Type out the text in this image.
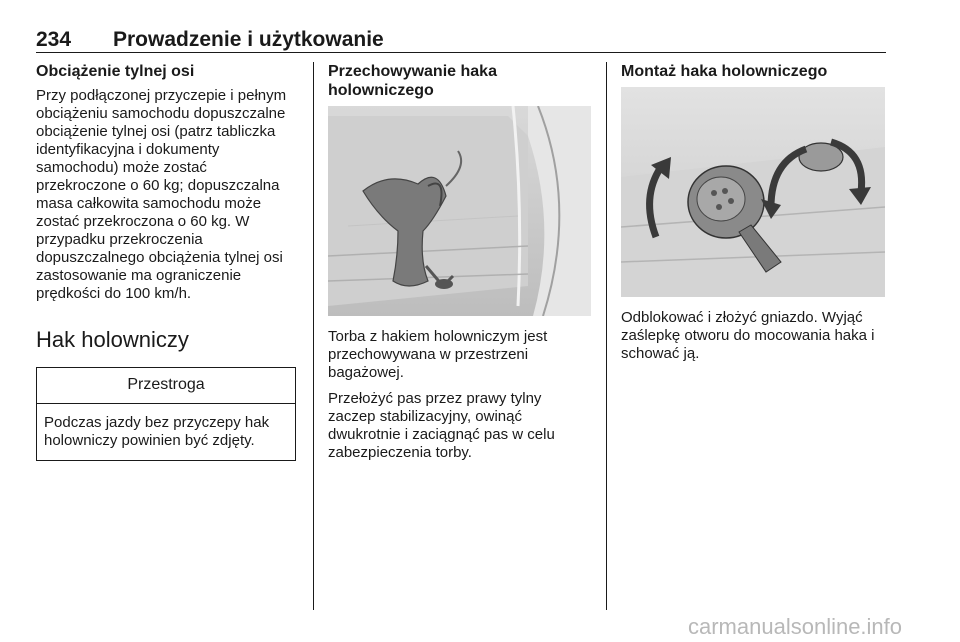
234 Prowadzenie i użytkowanie
Obciążenie tylnej osi

Przy podłączonej przyczepie i pełnym obciążeniu samochodu dopuszczalne obciążenie tylnej osi (patrz tabliczka identyfikacyjna i dokumenty samochodu) może zostać przekroczone o 60 kg; dopuszczalna masa całkowita samochodu może zostać przekroczona o 60 kg. W przypadku przekroczenia dopuszczalnego obciążenia tylnej osi zastosowanie ma ograniczenie prędkości do 100 km/h.

Hak holowniczy
Przestroga
Podczas jazdy bez przyczepy hak holowniczy powinien być zdjęty.
Przechowywanie haka holowniczego

Torba z hakiem holowniczym jest przechowywana w przestrzeni bagażowej.

Przełożyć pas przez prawy tylny zaczep stabilizacyjny, owinąć dwukrotnie i zaciągnąć pas w celu zabezpieczenia torby.

Montaż haka holowniczego

Odblokować i złożyć gniazdo. Wyjąć zaślepkę otworu do mocowania haka i schować ją.

carmanualsonline.info
